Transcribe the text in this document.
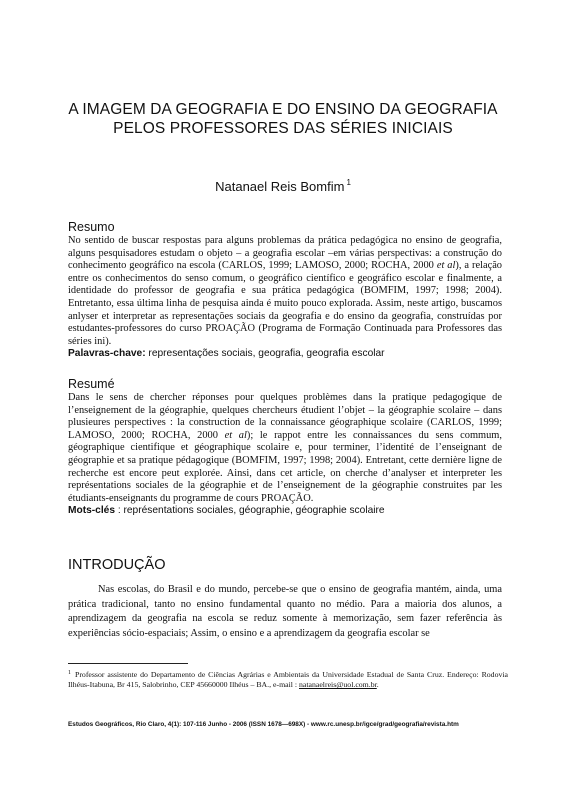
A IMAGEM DA GEOGRAFIA E DO ENSINO DA GEOGRAFIA PELOS PROFESSORES DAS SÉRIES INICIAIS
Natanael Reis Bomfim $^1$
Resumo

No sentido de buscar respostas para alguns problemas da prática pedagógica no ensino de geografia, alguns pesquisadores estudam o objeto – a geografia escolar –em várias perspectivas: a construção do conhecimento geográfico na escola (CARLOS, 1999; LAMOSO, 2000; ROCHA, 2000 et al), a relação entre os conhecimentos do senso comum, o geográfico científico e geográfico escolar e finalmente, a identidade do professor de geografia e sua prática pedagógica (BOMFIM, 1997; 1998; 2004). Entretanto, essa última linha de pesquisa ainda é muito pouco explorada. Assim, neste artigo, buscamos anlyser et interpretar as representações sociais da geografia e do ensino da geografia, construídas por estudantes-professores do curso PROAÇÃO (Programa de Formação Continuada para Professores das séries ini).

Palavras-chave: representações sociais, geografia, geografia escolar

Resumé

Dans le sens de chercher réponses pour quelques problèmes dans la pratique pedagogique de l’enseignement de la géographie, quelques chercheurs étudient l’objet – la géographie scolaire – dans plusieures perspectives : la construction de la connaissance géographique scolaire (CARLOS, 1999; LAMOSO, 2000; ROCHA, 2000 et al); le rappot entre les connaissances du sens commum, géographique cientifique et géographique scolaire e, pour terminer, l’identité de l’enseignant de géographie et sa pratique pédagogique (BOMFIM, 1997; 1998; 2004). Entretant, cette dernière ligne de recherche est encore peut explorée. Ainsi, dans cet article, on cherche d’analyser et interpreter les représentations sociales de la géographie et de l’enseignement de la géographie construites par les étudiants-enseignants du programme de cours PROAÇÃO.

Mots-clés : représentations sociales, géographie, géographie scolaire

INTRODUÇÃO

Nas escolas, do Brasil e do mundo, percebe-se que o ensino de geografia mantém, ainda, uma prática tradicional, tanto no ensino fundamental quanto no médio. Para a maioria dos alunos, a aprendizagem da geografia na escola se reduz somente à memorização, sem fazer referência às experiências sócio-espaciais; Assim, o ensino e a aprendizagem da geografia escolar se

$^1$ Professor assistente do Departamento de Ciências Agrárias e Ambientais da Universidade Estadual de Santa Cruz. Endereço: Rodovia Ilhéus-Itabuna, Br 415, Salobrinho, CEP 45660000 Ilhéus – BA., e-mail : natanaelreis@uol.com.br.

Estudos Geográficos, Rio Claro, 4(1): 107-116 Junho - 2006 (ISSN 1678—698X) - www.rc.unesp.br/igce/grad/geografia/revista.htm
